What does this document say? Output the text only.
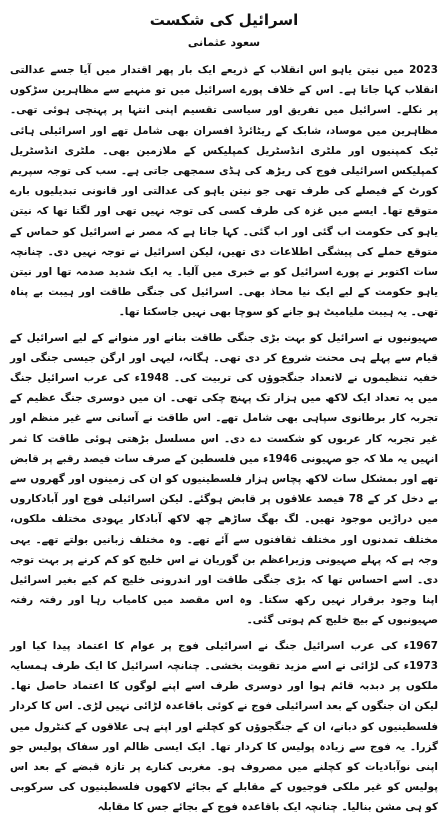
اسرائیل کی شکست
سعود عثمانی

2023 میں نیتن یاہو اس انقلاب کے ذریعے ایک بار پھر اقتدار میں آیا جسے عدالتی انقلاب کہا جاتا ہے۔ اس کے خلاف پورے اسرائیل میں تو منہبے سے مظاہرین سڑکوں پر نکلے۔ اسرائیل میں تفریق اور سیاسی تقسیم اپنی انتہا پر پہنچی ہوئی تھی۔ مظاہرین میں موساد، شابک کے ریٹائرڈ افسران بھی شامل تھے اور اسرائیلی ہائی ٹیک کمپنیوں اور ملٹری انڈسٹریل کمپلیکس کے ملازمین بھی۔ ملٹری انڈسٹریل کمپلیکس اسرائیلی فوج کی ریڑھ کی ہڈی سمجھی جاتی ہے۔ سب کی توجہ سپریم کورٹ کے فیصلے کی طرف تھی جو نیتن یاہو کی عدالتی اور قانونی تبدیلیوں بارے متوقع تھا۔ ایسے میں غزہ کی طرف کسی کی توجہ نہیں تھی اور لگتا تھا کہ نیتن یاہو کی حکومت اب گئی اور اب گئی۔ کہا جاتا ہے کہ مصر نے اسرائیل کو حماس کے متوقع حملے کی پیشگی اطلاعات دی تھیں، لیکن اسرائیل نے توجہ نہیں دی۔ چنانچہ سات اکتوبر نے پورے اسرائیل کو بے خبری میں آلیا۔ یہ ایک شدید صدمہ تھا اور نیتن یاہو حکومت کے لیے ایک نیا محاذ بھی۔ اسرائیل کی جنگی طاقت اور ہیبت بے پناہ تھی۔ یہ ہیبت ملیامیٹ ہو جانے کو سوچا بھی نہیں جاسکتا تھا۔

صہیونیوں نے اسرائیل کو بہت بڑی جنگی طاقت بنانے اور منوانے کے لیے اسرائیل کے قیام سے پہلے ہی محنت شروع کر دی تھی۔ ہگانہ، لیہی اور ارگن جیسی جنگی اور خفیہ تنظیموں نے لاتعداد جنگجوؤں کی تربیت کی۔ 1948ء کی عرب اسرائیل جنگ میں یہ تعداد ایک لاکھ میں ہزار تک پہنچ چکی تھی۔ ان میں دوسری جنگ عظیم کے تجربہ کار برطانوی سپاہی بھی شامل تھے۔ اس طاقت نے آسانی سے غیر منظم اور غیر تجربہ کار عربوں کو شکست دے دی۔ اس مسلسل بڑھتی ہوئی طاقت کا ثمر انہیں یہ ملا کہ جو صہیونی 1946ء میں فلسطین کے صرف سات فیصد رقبے پر قابض تھے اور بمشکل سات لاکھ پچاس ہزار فلسطینیوں کو ان کی زمینوں اور گھروں سے بے دخل کر کے 78 فیصد علاقوں پر قابض ہوگئے۔ لیکن اسرائیلی فوج اور آبادکاروں میں دراڑیں موجود تھیں۔ لگ بھگ ساڑھے چھ لاکھ آبادکار یہودی مختلف ملکوں، مختلف تمدنوں اور مختلف ثقافتوں سے آئے تھے۔ وہ مختلف زبانیں بولتے تھے۔ یہی وجہ ہے کہ پہلے صہیونی وزیراعظم بن گوریان نے اس خلیج کو کم کرنے پر بہت توجہ دی۔ اسے احساس تھا کہ بڑی جنگی طاقت اور اندرونی خلیج کم کیے بغیر اسرائیل اپنا وجود برقرار نہیں رکھ سکتا۔ وہ اس مقصد میں کامیاب رہا اور رفتہ رفتہ صہیونیوں کے بیچ خلیج کم ہوتی گئی۔

1967ء کی عرب اسرائیل جنگ نے اسرائیلی فوج پر عوام کا اعتماد پیدا کیا اور 1973ء کی لڑائی نے اسے مزید تقویت بخشی۔ چنانچہ اسرائیل کا ایک طرف ہمسایہ ملکوں پر دبدبہ قائم ہوا اور دوسری طرف اسے اپنے لوگوں کا اعتماد حاصل تھا۔ لیکن ان جنگوں کے بعد اسرائیلی فوج نے کوئی باقاعدہ لڑائی نہیں لڑی۔ اس کا کردار فلسطینیوں کو دبانے، ان کے جنگجوؤں کو کچلنے اور اپنے ہی علاقوں کے کنٹرول میں گزرا۔ یہ فوج سے زیادہ پولیس کا کردار تھا۔ ایک ایسی ظالم اور سفاک پولیس جو اپنی نوآبادیات کو کچلنے میں مصروف ہو۔ مغربی کنارے پر تازہ قبضے کے بعد اس پولیس کو غیر ملکی فوجیوں کے مقابلے کے بجائے لاکھوں فلسطینیوں کی سرکوبی کو ہی مشن بنالیا۔ چنانچہ ایک باقاعدہ فوج کے بجائے جس کا مقابلہ
